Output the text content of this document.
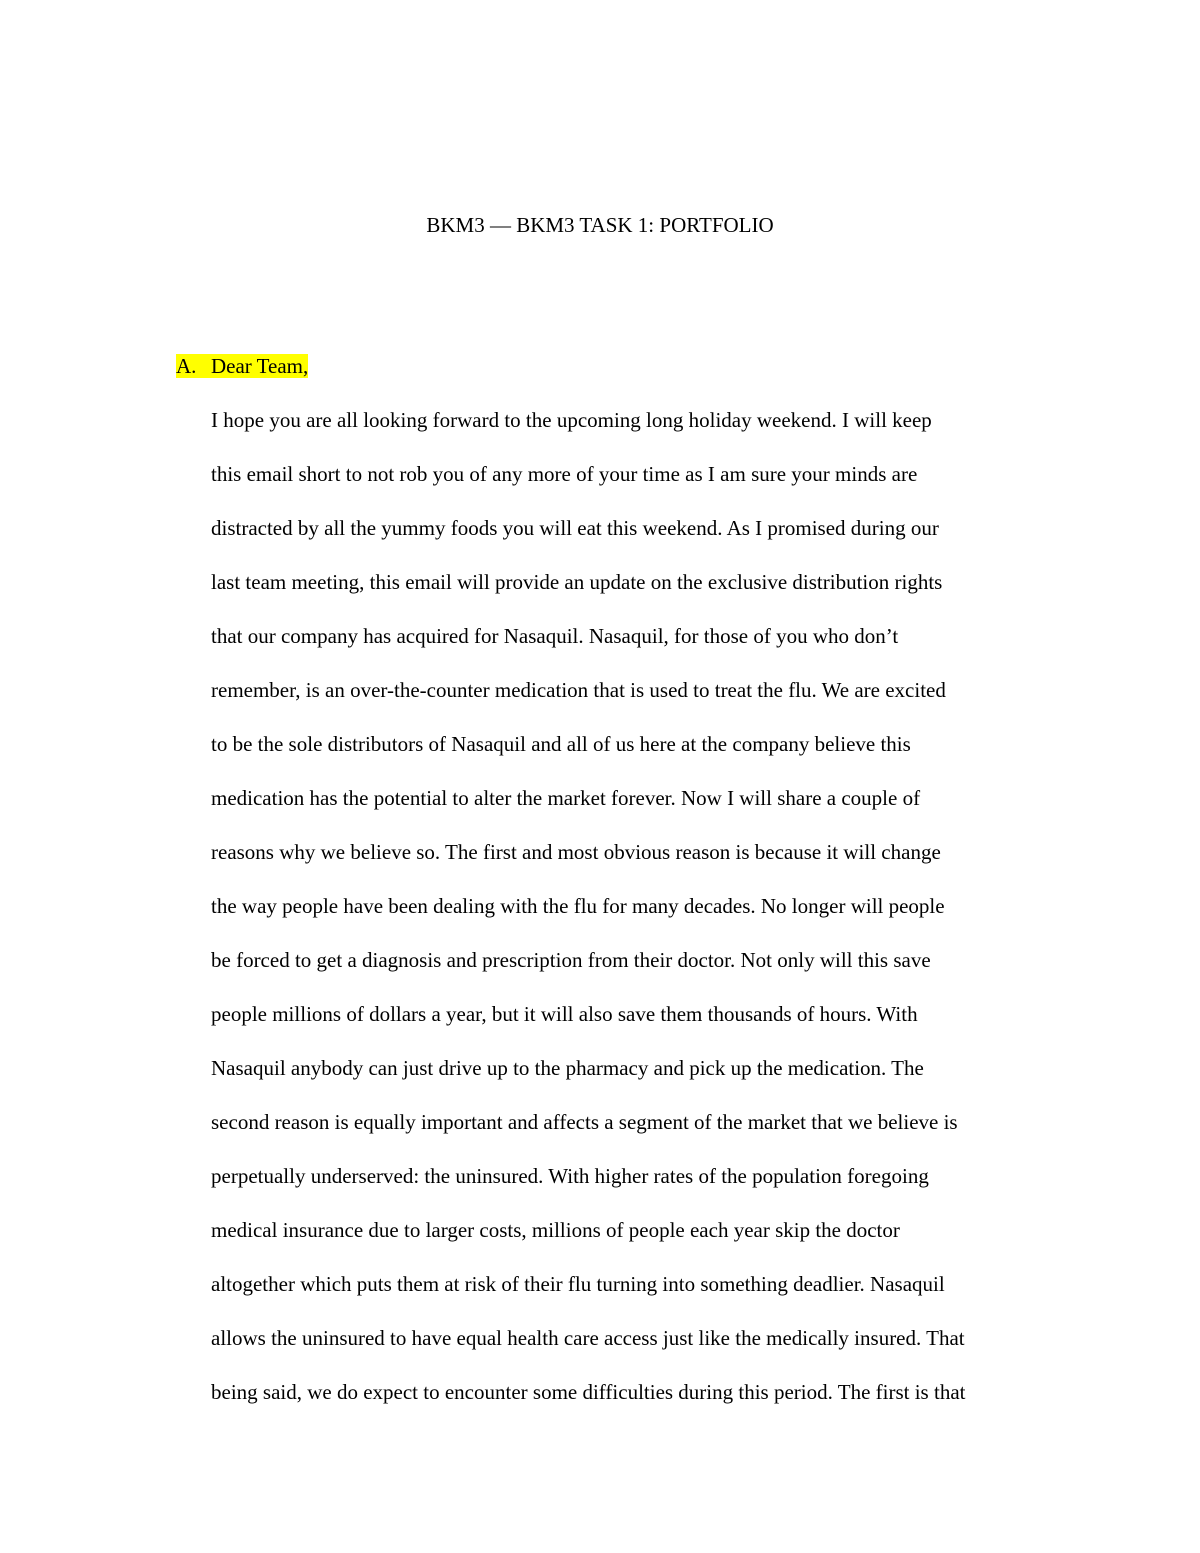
BKM3 — BKM3 TASK 1: PORTFOLIO
A. Dear Team,
I hope you are all looking forward to the upcoming long holiday weekend. I will keep
this email short to not rob you of any more of your time as I am sure your minds are
distracted by all the yummy foods you will eat this weekend. As I promised during our
last team meeting, this email will provide an update on the exclusive distribution rights
that our company has acquired for Nasaquil. Nasaquil, for those of you who don’t
remember, is an over-the-counter medication that is used to treat the flu. We are excited
to be the sole distributors of Nasaquil and all of us here at the company believe this
medication has the potential to alter the market forever. Now I will share a couple of
reasons why we believe so. The first and most obvious reason is because it will change
the way people have been dealing with the flu for many decades. No longer will people
be forced to get a diagnosis and prescription from their doctor. Not only will this save
people millions of dollars a year, but it will also save them thousands of hours. With
Nasaquil anybody can just drive up to the pharmacy and pick up the medication. The
second reason is equally important and affects a segment of the market that we believe is
perpetually underserved: the uninsured. With higher rates of the population foregoing
medical insurance due to larger costs, millions of people each year skip the doctor
altogether which puts them at risk of their flu turning into something deadlier. Nasaquil
allows the uninsured to have equal health care access just like the medically insured. That
being said, we do expect to encounter some difficulties during this period. The first is that
